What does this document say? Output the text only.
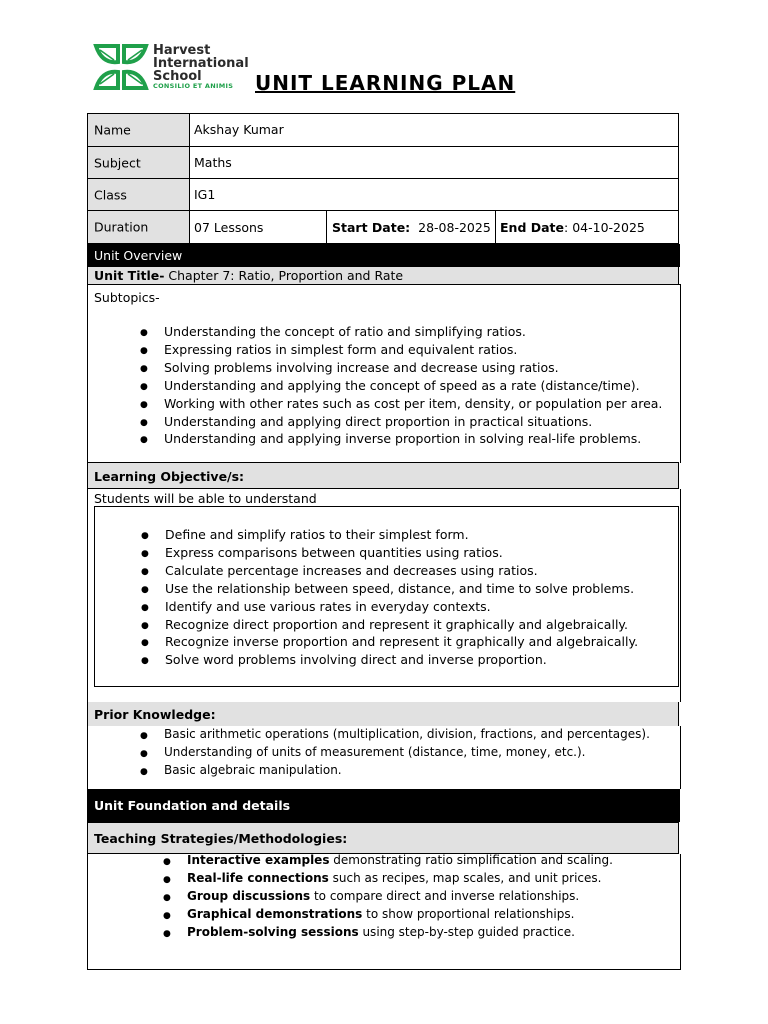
Harvest
International
School
CONSILIO ET ANIMIS UNIT LEARNING PLAN
Name	Akshay Kumar
Subject	Maths
Class	IG1
Duration	07 Lessons	Start Date: 28-08-2025 End Date: 04-10-2025
Unit Overview
Unit Title- Chapter 7: Ratio, Proportion and Rate
Subtopics-
● Understanding the concept of ratio and simplifying ratios.
● Expressing ratios in simplest form and equivalent ratios.
● Solving problems involving increase and decrease using ratios.
● Understanding and applying the concept of speed as a rate (distance/time).
● Working with other rates such as cost per item, density, or population per area.
● Understanding and applying direct proportion in practical situations.
● Understanding and applying inverse proportion in solving real-life problems.
Learning Objective/s:
Students will be able to understand
● Define and simplify ratios to their simplest form.
● Express comparisons between quantities using ratios.
● Calculate percentage increases and decreases using ratios.
● Use the relationship between speed, distance, and time to solve problems.
● Identify and use various rates in everyday contexts.
● Recognize direct proportion and represent it graphically and algebraically.
● Recognize inverse proportion and represent it graphically and algebraically.
● Solve word problems involving direct and inverse proportion.
Prior Knowledge:
● Basic arithmetic operations (multiplication, division, fractions, and percentages).
● Understanding of units of measurement (distance, time, money, etc.).
● Basic algebraic manipulation.
Unit Foundation and details
Teaching Strategies/Methodologies:
● Interactive examples demonstrating ratio simplification and scaling.
● Real-life connections such as recipes, map scales, and unit prices.
● Group discussions to compare direct and inverse relationships.
● Graphical demonstrations to show proportional relationships.
● Problem-solving sessions using step-by-step guided practice.
